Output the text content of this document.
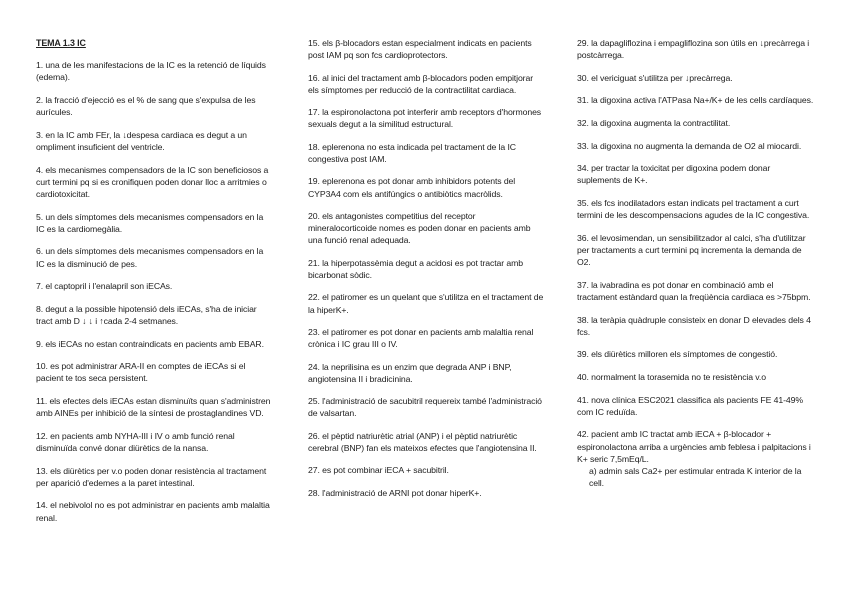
TEMA 1.3 IC
1. una de les manifestacions de la IC es la retenció de líquids (edema).
2. la fracció d'ejecció es el % de sang que s'expulsa de les aurícules.
3. en la IC amb FEr, la ↓despesa cardiaca es degut a un ompliment insuficient del ventricle.
4. els mecanismes compensadors de la IC son beneficiosos a curt termini pq si es cronifiquen poden donar lloc a arritmies o cardiotoxicitat.
5. un dels símptomes dels mecanismes compensadors en la IC es la cardiomegàlia.
6. un dels símptomes dels mecanismes compensadors en la IC es la disminució de pes.
7. el captopril i l'enalapril son iECAs.
8. degut a la possible hipotensió dels iECAs, s'ha de iniciar tract amb D ↓ ↓ i ↑cada 2-4 setmanes.
9. els iECAs no estan contraindicats en pacients amb EBAR.
10. es pot administrar ARA-II en comptes de iECAs si el pacient te tos seca persistent.
11. els efectes dels iECAs estan disminuïts quan s'administren amb AINEs per inhibició de la síntesi de prostaglandines VD.
12. en pacients amb NYHA-III i IV o amb funció renal disminuïda convé donar diürètics de la nansa.
13. els diürètics per v.o poden donar resistència al tractament per aparició d'edemes a la paret intestinal.
14. el nebivolol no es pot administrar en pacients amb malaltia renal.
15. els β-blocadors estan especialment indicats en pacients post IAM pq son fcs cardioprotectors.
16. al inici del tractament amb β-blocadors poden empitjorar els símptomes per reducció de la contractilitat cardiaca.
17. la espironolactona pot interferir amb receptors d'hormones sexuals degut a la similitud estructural.
18. eplerenona no esta indicada pel tractament de la IC congestiva post IAM.
19. eplerenona es pot donar amb inhibidors potents del CYP3A4 com els antifúngics o antibiòtics macròlids.
20. els antagonistes competitius del receptor mineralocorticoide nomes es poden donar en pacients amb una funció renal adequada.
21. la hiperpotassèmia degut a acidosi es pot tractar amb bicarbonat sòdic.
22. el patiromer es un quelant que s'utilitza en el tractament de la hiperK+.
23. el patiromer es pot donar en pacients amb malaltia renal crònica i IC grau III o IV.
24. la neprilisina es un enzim que degrada ANP i BNP, angiotensina II i bradicinina.
25. l'administració de sacubitril requereix també l'administració de valsartan.
26. el pèptid natriurètic atrial (ANP) i el pèptid natriurètic cerebral (BNP) fan els mateixos efectes que l'angiotensina II.
27. es pot combinar iECA + sacubitril.
28. l'administració de ARNI pot donar hiperK+.
29. la dapagliflozina i empagliflozina son útils en ↓precàrrega i postcàrrega.
30. el vericiguat s'utilitza per ↓precàrrega.
31. la digoxina activa l'ATPasa Na+/K+ de les cells cardíaques.
32. la digoxina augmenta la contractilitat.
33. la digoxina no augmenta la demanda de O2 al miocardi.
34. per tractar la toxicitat per digoxina podem donar suplements de K+.
35. els fcs inodilatadors estan indicats pel tractament a curt termini de les descompensacions agudes de la IC congestiva.
36. el levosimendan, un sensibilitzador al calci, s'ha d'utilitzar per tractaments a curt termini pq incrementa la demanda de O2.
37. la ivabradina es pot donar en combinació amb el tractament estàndard quan la freqüència cardiaca es >75bpm.
38. la teràpia quàdruple consisteix en donar D elevades dels 4 fcs.
39. els diürètics milloren els símptomes de congestió.
40. normalment la torasemida no te resistència v.o
41. nova clínica ESC2021 classifica als pacients FE 41-49% com IC reduïda.
42. pacient amb IC tractat amb iECA + β-blocador + espironolactona arriba a urgències amb feblesa i palpitacions i K+ seric 7,5mEq/L.
a) admin sals Ca2+ per estimular entrada K interior de la cell.
